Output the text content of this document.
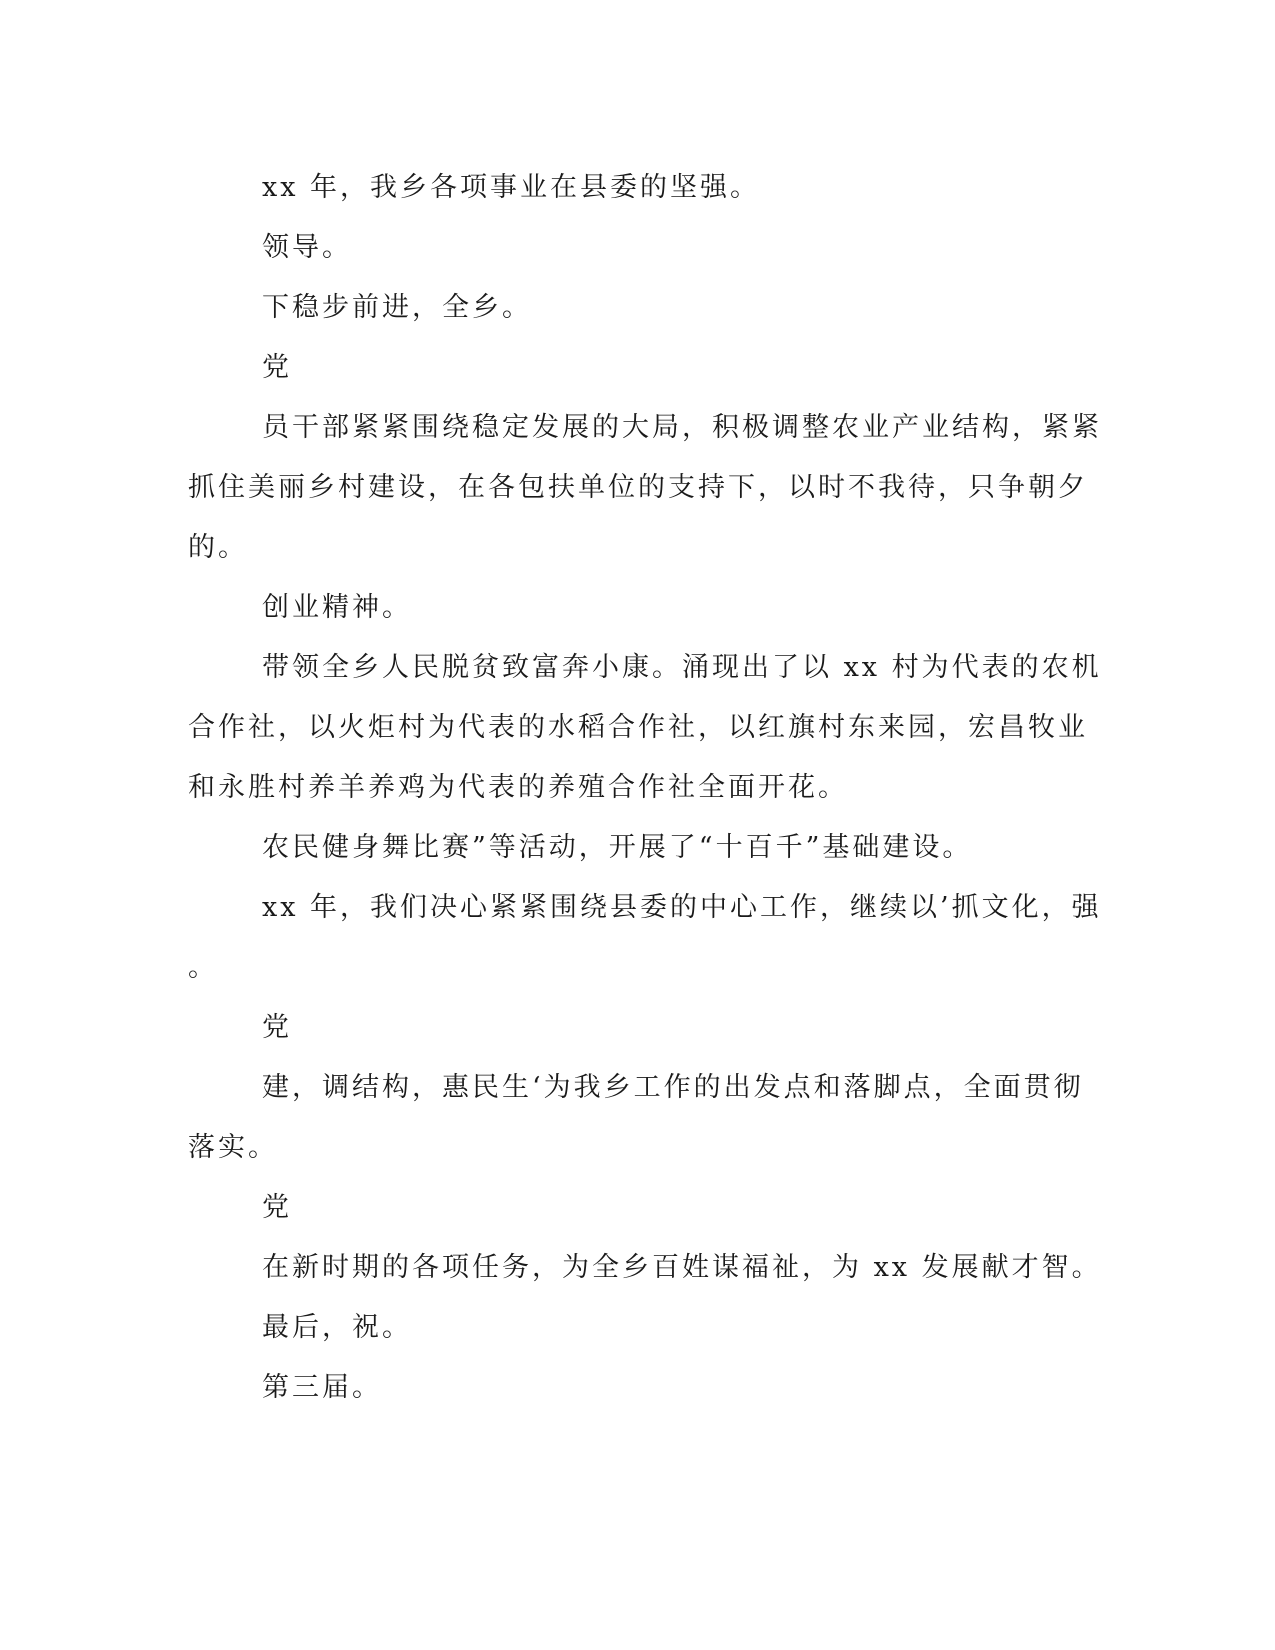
xx 年，我乡各项事业在县委的坚强。
领导。
下稳步前进，全乡。
党
员干部紧紧围绕稳定发展的大局，积极调整农业产业结构，紧紧
抓住美丽乡村建设，在各包扶单位的支持下，以时不我待，只争朝夕
的。
创业精神。
带领全乡人民脱贫致富奔小康。涌现出了以 xx 村为代表的农机
合作社，以火炬村为代表的水稻合作社，以红旗村东来园，宏昌牧业
和永胜村养羊养鸡为代表的养殖合作社全面开花。
农民健身舞比赛”等活动，开展了“十百千”基础建设。
xx 年，我们决心紧紧围绕县委的中心工作，继续以’抓文化，强
。
党
建，调结构，惠民生‘为我乡工作的出发点和落脚点，全面贯彻
落实。
党
在新时期的各项任务，为全乡百姓谋福祉，为 xx 发展献才智。
最后，祝。
第三届。
